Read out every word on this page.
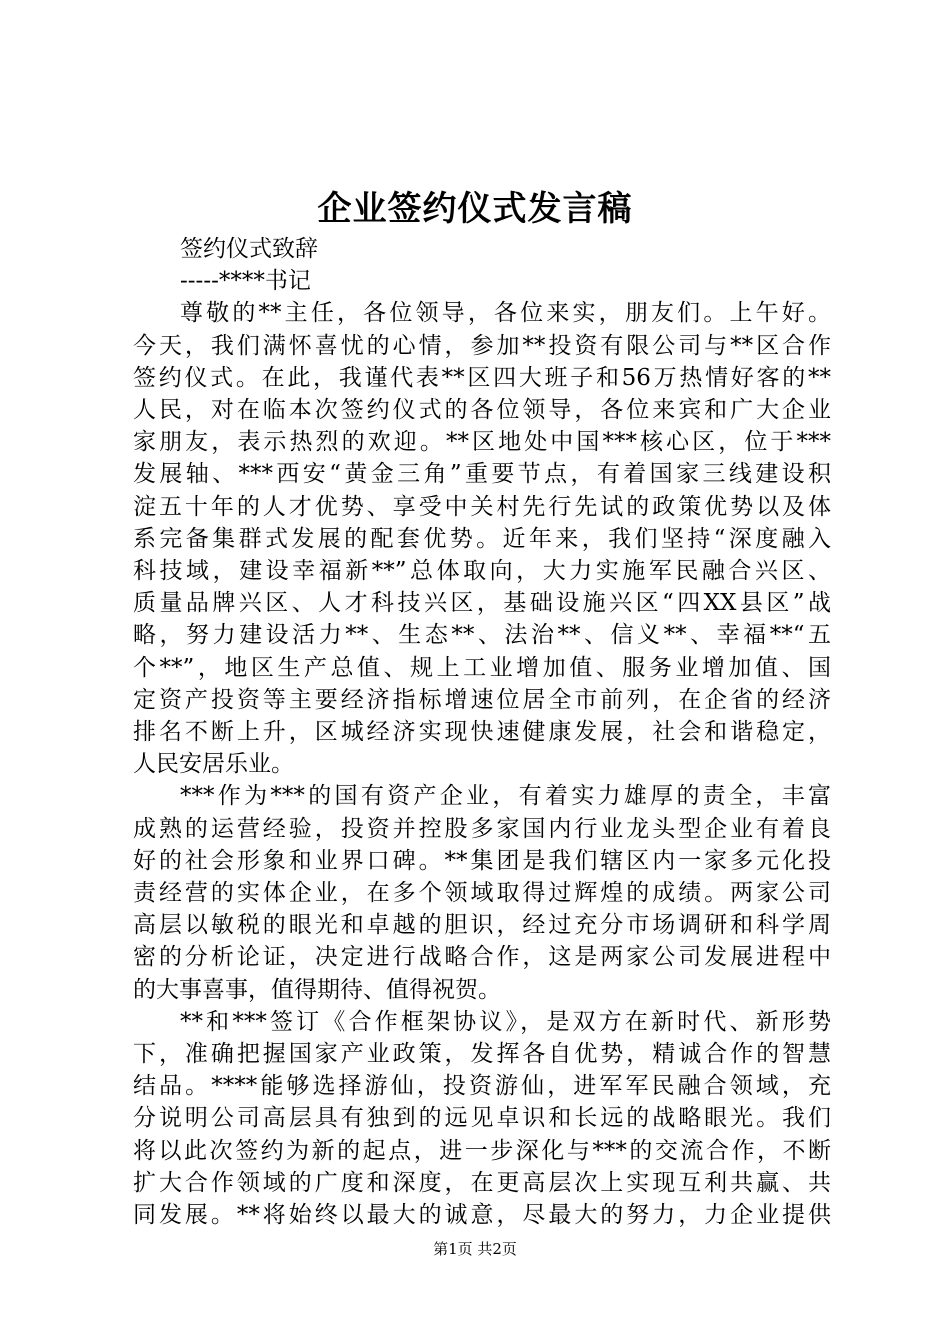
企业签约仪式发言稿

签约仪式致辞

-----****书记

尊敬的**主任，各位领导，各位来实，朋友们。上午好。

今天，我们满怀喜忧的心情，参加**投资有限公司与**区合作

签约仪式。在此，我谨代表**区四大班子和56万热情好客的**

人民，对在临本次签约仪式的各位领导，各位来宾和广大企业

家朋友，表示热烈的欢迎。**区地处中国***核心区，位于***

发展轴、***西安“黄金三角”重要节点，有着国家三线建设积

淀五十年的人才优势、享受中关村先行先试的政策优势以及体

系完备集群式发展的配套优势。近年来，我们坚持“深度融入

科技域，建设幸福新**”总体取向，大力实施军民融合兴区、

质量品牌兴区、人才科技兴区，基础设施兴区“四XX县区”战

略，努力建设活力**、生态**、法治**、信义**、幸福**“五

个**”，地区生产总值、规上工业增加值、服务业增加值、国

定资产投资等主要经济指标增速位居全市前列，在企省的经济

排名不断上升，区城经济实现快速健康发展，社会和谐稳定，

人民安居乐业。

***作为***的国有资产企业，有着实力雄厚的责全，丰富

成熟的运营经验，投资并控股多家国内行业龙头型企业有着良

好的社会形象和业界口碑。**集团是我们辖区内一家多元化投

责经营的实体企业，在多个领域取得过辉煌的成绩。两家公司

高层以敏税的眼光和卓越的胆识，经过充分市场调研和科学周

密的分析论证，决定进行战略合作，这是两家公司发展进程中

的大事喜事，值得期待、值得祝贺。

**和***签订《合作框架协议》，是双方在新时代、新形势

下，准确把握国家产业政策，发挥各自优势，精诚合作的智慧

结品。****能够选择游仙，投资游仙，进军军民融合领域，充

分说明公司高层具有独到的远见卓识和长远的战略眼光。我们

将以此次签约为新的起点，进一步深化与***的交流合作，不断

扩大合作领域的广度和深度，在更高层次上实现互利共赢、共

同发展。**将始终以最大的诚意，尽最大的努力，力企业提供

第1页 共2页
